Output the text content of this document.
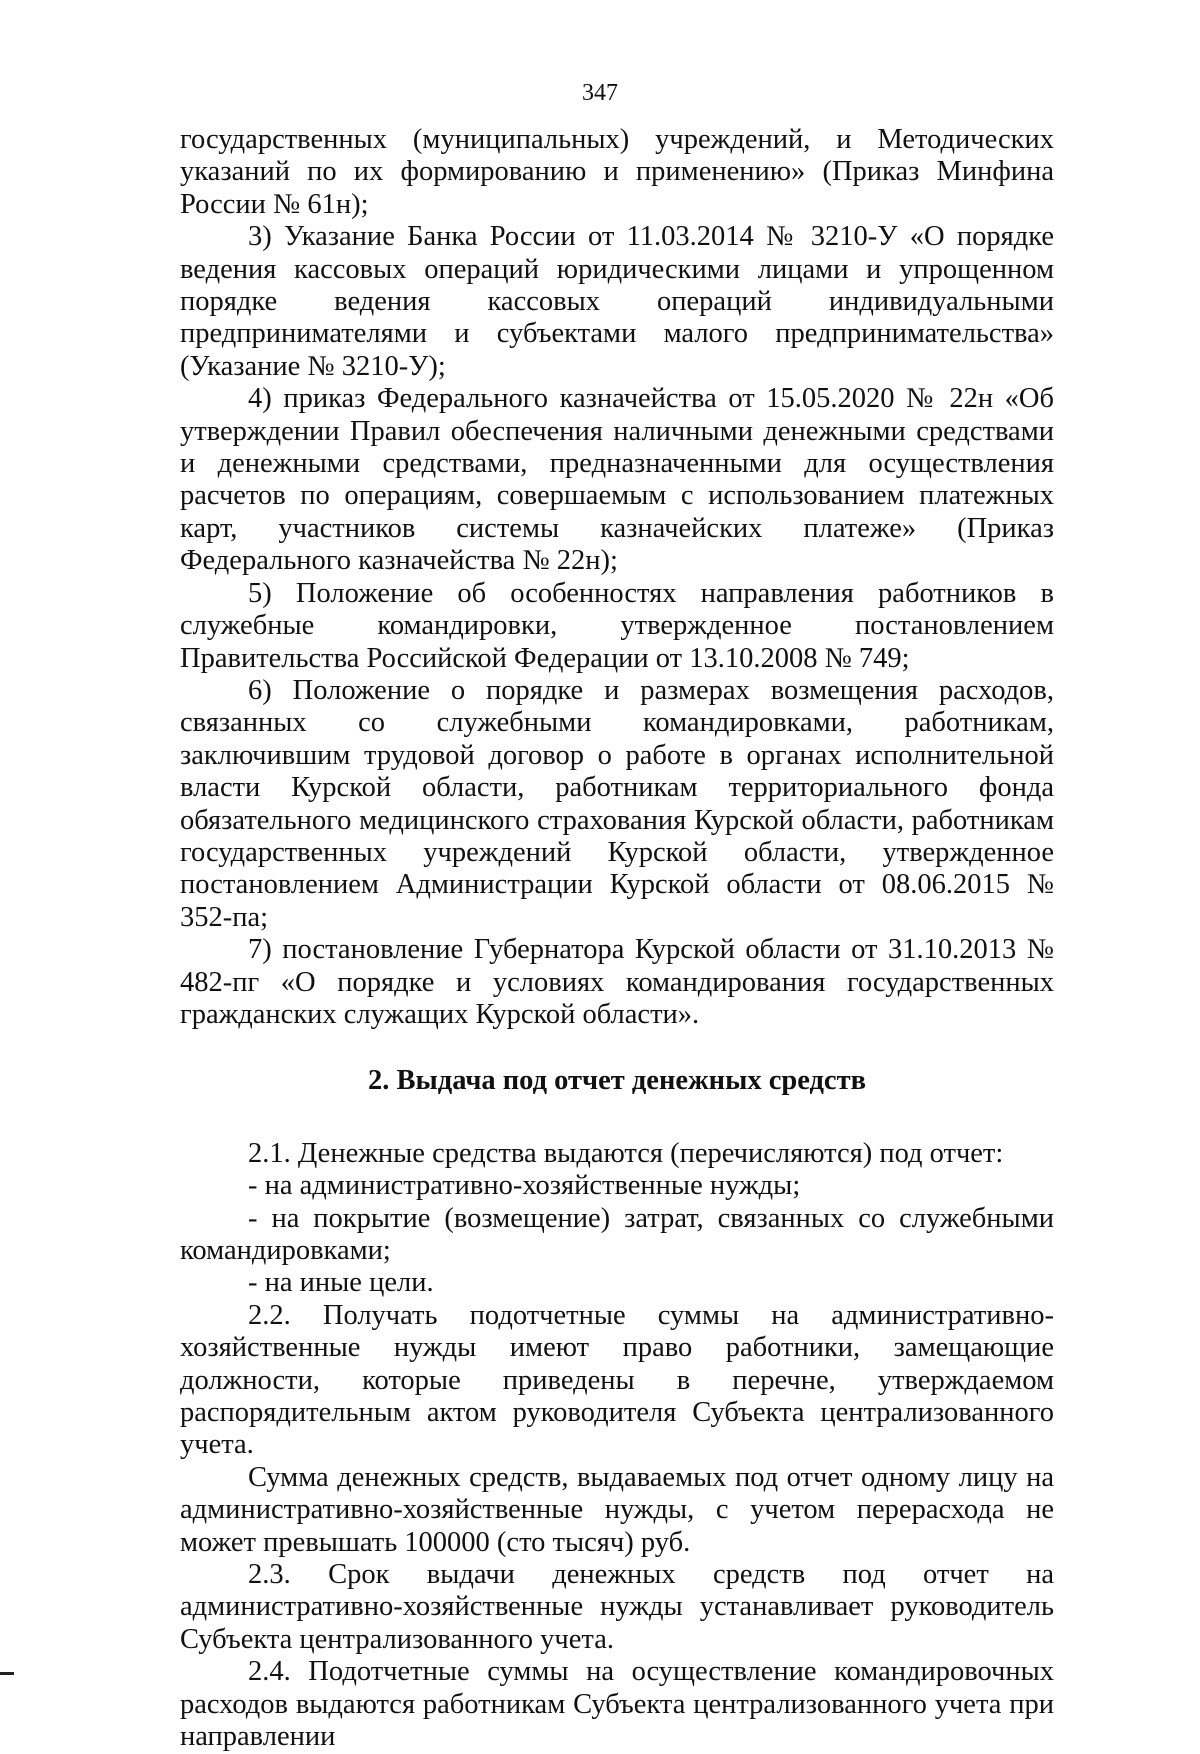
347

государственных (муниципальных) учреждений, и Методических указаний по их формированию и применению» (Приказ Минфина России № 61н);

3) Указание Банка России от 11.03.2014 № 3210-У «О порядке ведения кассовых операций юридическими лицами и упрощенном порядке ведения кассовых операций индивидуальными предпринимателями и субъектами малого предпринимательства» (Указание № 3210-У);

4) приказ Федерального казначейства от 15.05.2020 № 22н «Об утверждении Правил обеспечения наличными денежными средствами и денежными средствами, предназначенными для осуществления расчетов по операциям, совершаемым с использованием платежных карт, участников системы казначейских платеже» (Приказ Федерального казначейства № 22н);

5) Положение об особенностях направления работников в служебные командировки, утвержденное постановлением Правительства Российской Федерации от 13.10.2008 № 749;

6) Положение о порядке и размерах возмещения расходов, связанных со служебными командировками, работникам, заключившим трудовой договор о работе в органах исполнительной власти Курской области, работникам территориального фонда обязательного медицинского страхования Курской области, работникам государственных учреждений Курской области, утвержденное постановлением Администрации Курской области от 08.06.2015 № 352-па;

7) постановление Губернатора Курской области от 31.10.2013 № 482-пг «О порядке и условиях командирования государственных гражданских служащих Курской области».

2. Выдача под отчет денежных средств

2.1. Денежные средства выдаются (перечисляются) под отчет:

- на административно-хозяйственные нужды;

- на покрытие (возмещение) затрат, связанных со служебными командировками;

- на иные цели.

2.2. Получать подотчетные суммы на административно-хозяйственные нужды имеют право работники, замещающие должности, которые приведены в перечне, утверждаемом распорядительным актом руководителя Субъекта централизованного учета.

Сумма денежных средств, выдаваемых под отчет одному лицу на административно-хозяйственные нужды, с учетом перерасхода не может превышать 100000 (сто тысяч) руб.

2.3. Срок выдачи денежных средств под отчет на административно-хозяйственные нужды устанавливает руководитель Субъекта централизованного учета.

2.4. Подотчетные суммы на осуществление командировочных расходов выдаются работникам Субъекта централизованного учета при направлении
